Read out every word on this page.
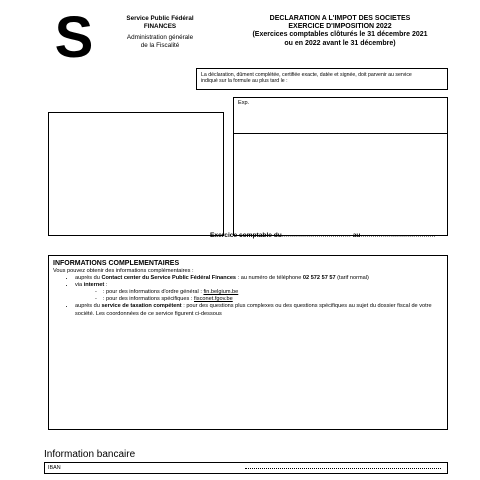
S	Service Public Fédéral
FINANCES
Administration générale
de la Fiscalité
DECLARATION A L'IMPOT DES SOCIETES
EXERCICE D'IMPOSITION 2022
(Exercices comptables clôturés le 31 décembre 2021
ou en 2022 avant le 31 décembre)
La déclaration, dûment complétée, certifiée exacte, datée et signée, doit parvenir au service
indiqué sur la formule au plus tard le :
Exp.
Exercice comptable du.................................. au.....................................
INFORMATIONS COMPLEMENTAIRES
Vous pouvez obtenir des informations complémentaires :
• auprès du Contact center du Service Public Fédéral Finances : au numéro de téléphone 02 572 57 57 (tarif normal)
• via internet :
- : pour des informations d'ordre général : fin.belgium.be
- : pour des informations spécifiques : fisconet.fgov.be
• auprès du service de taxation compétent : pour des questions plus complexes ou des questions spécifiques au sujet du dossier fiscal de votre société. Les coordonnées de ce service figurent ci-dessous
Information bancaire
IBAN
